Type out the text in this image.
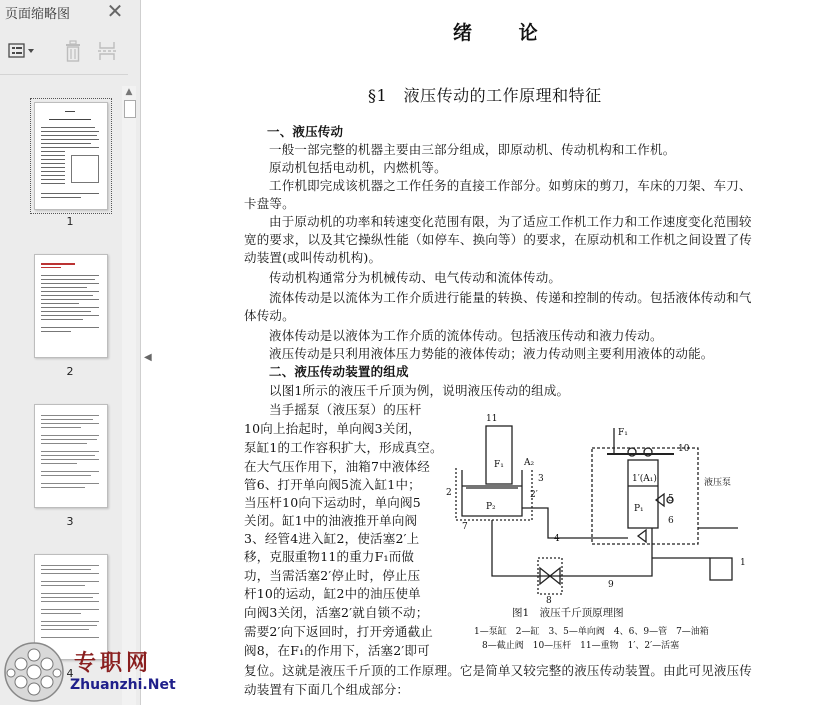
页面缩略图 ✕
1
2
3
4
▲
◀
绪 论
§1　液压传动的工作原理和特征
一、液压传动
一般一部完整的机器主要由三部分组成，即原动机、传动机构和工作机。
原动机包括电动机，内燃机等。
工作机即完成该机器之工作任务的直接工作部分。如剪床的剪刀，车床的刀架、车刀、
卡盘等。
由于原动机的功率和转速变化范围有限，为了适应工作机工作力和工作速度变化范围较
宽的要求，以及其它操纵性能（如停车、换向等）的要求，在原动机和工作机之间设置了传
动装置(或叫传动机构)。
传动机构通常分为机械传动、电气传动和流体传动。
流体传动是以流体为工作介质进行能量的转换、传递和控制的传动。包括液体传动和气
体传动。
液体传动是以液体为工作介质的流体传动。包括液压传动和液力传动。
液压传动是只利用液体压力势能的液体传动；液力传动则主要利用液体的动能。
二、液压传动装置的组成
以图1所示的液压千斤顶为例，说明液压传动的组成。
当手摇泵（液压泵）的压杆
10向上抬起时，单向阀3关闭，
泵缸1的工作容积扩大，形成真空。
在大气压作用下，油箱7中液体经
管6、打开单向阀5流入缸1中；
当压杆10向下运动时，单向阀5
关闭。缸1中的油液推开单向阀
3、经管4进入缸2，使活塞2′上
移，克服重物11的重力F₁而做
功，当需活塞2′停止时，停止压
杆10的运动，缸2中的油压使单
向阀3关闭，活塞2′就自锁不动；
需要2′向下返回时，打开旁通截止
阀8，在F₁的作用下，活塞2′即可
复位。这就是液压千斤顶的工作原理。它是简单又较完整的液压传动装置。由此可见液压传
动装置有下面几个组成部分：
11
F₁ A₂
P₂
2	2′
3
4
5
6
7
8
9
10
1
F₁
1′(A₁)
P₁
液压泵
图1　液压千斤顶原理图
1—泵缸　2—缸　3、5—单向阀　4、6、9—管　7—油箱
8—截止阀　10—压杆　11—重物　1′、2′—活塞
专职网
Zhuanzhi.Net
